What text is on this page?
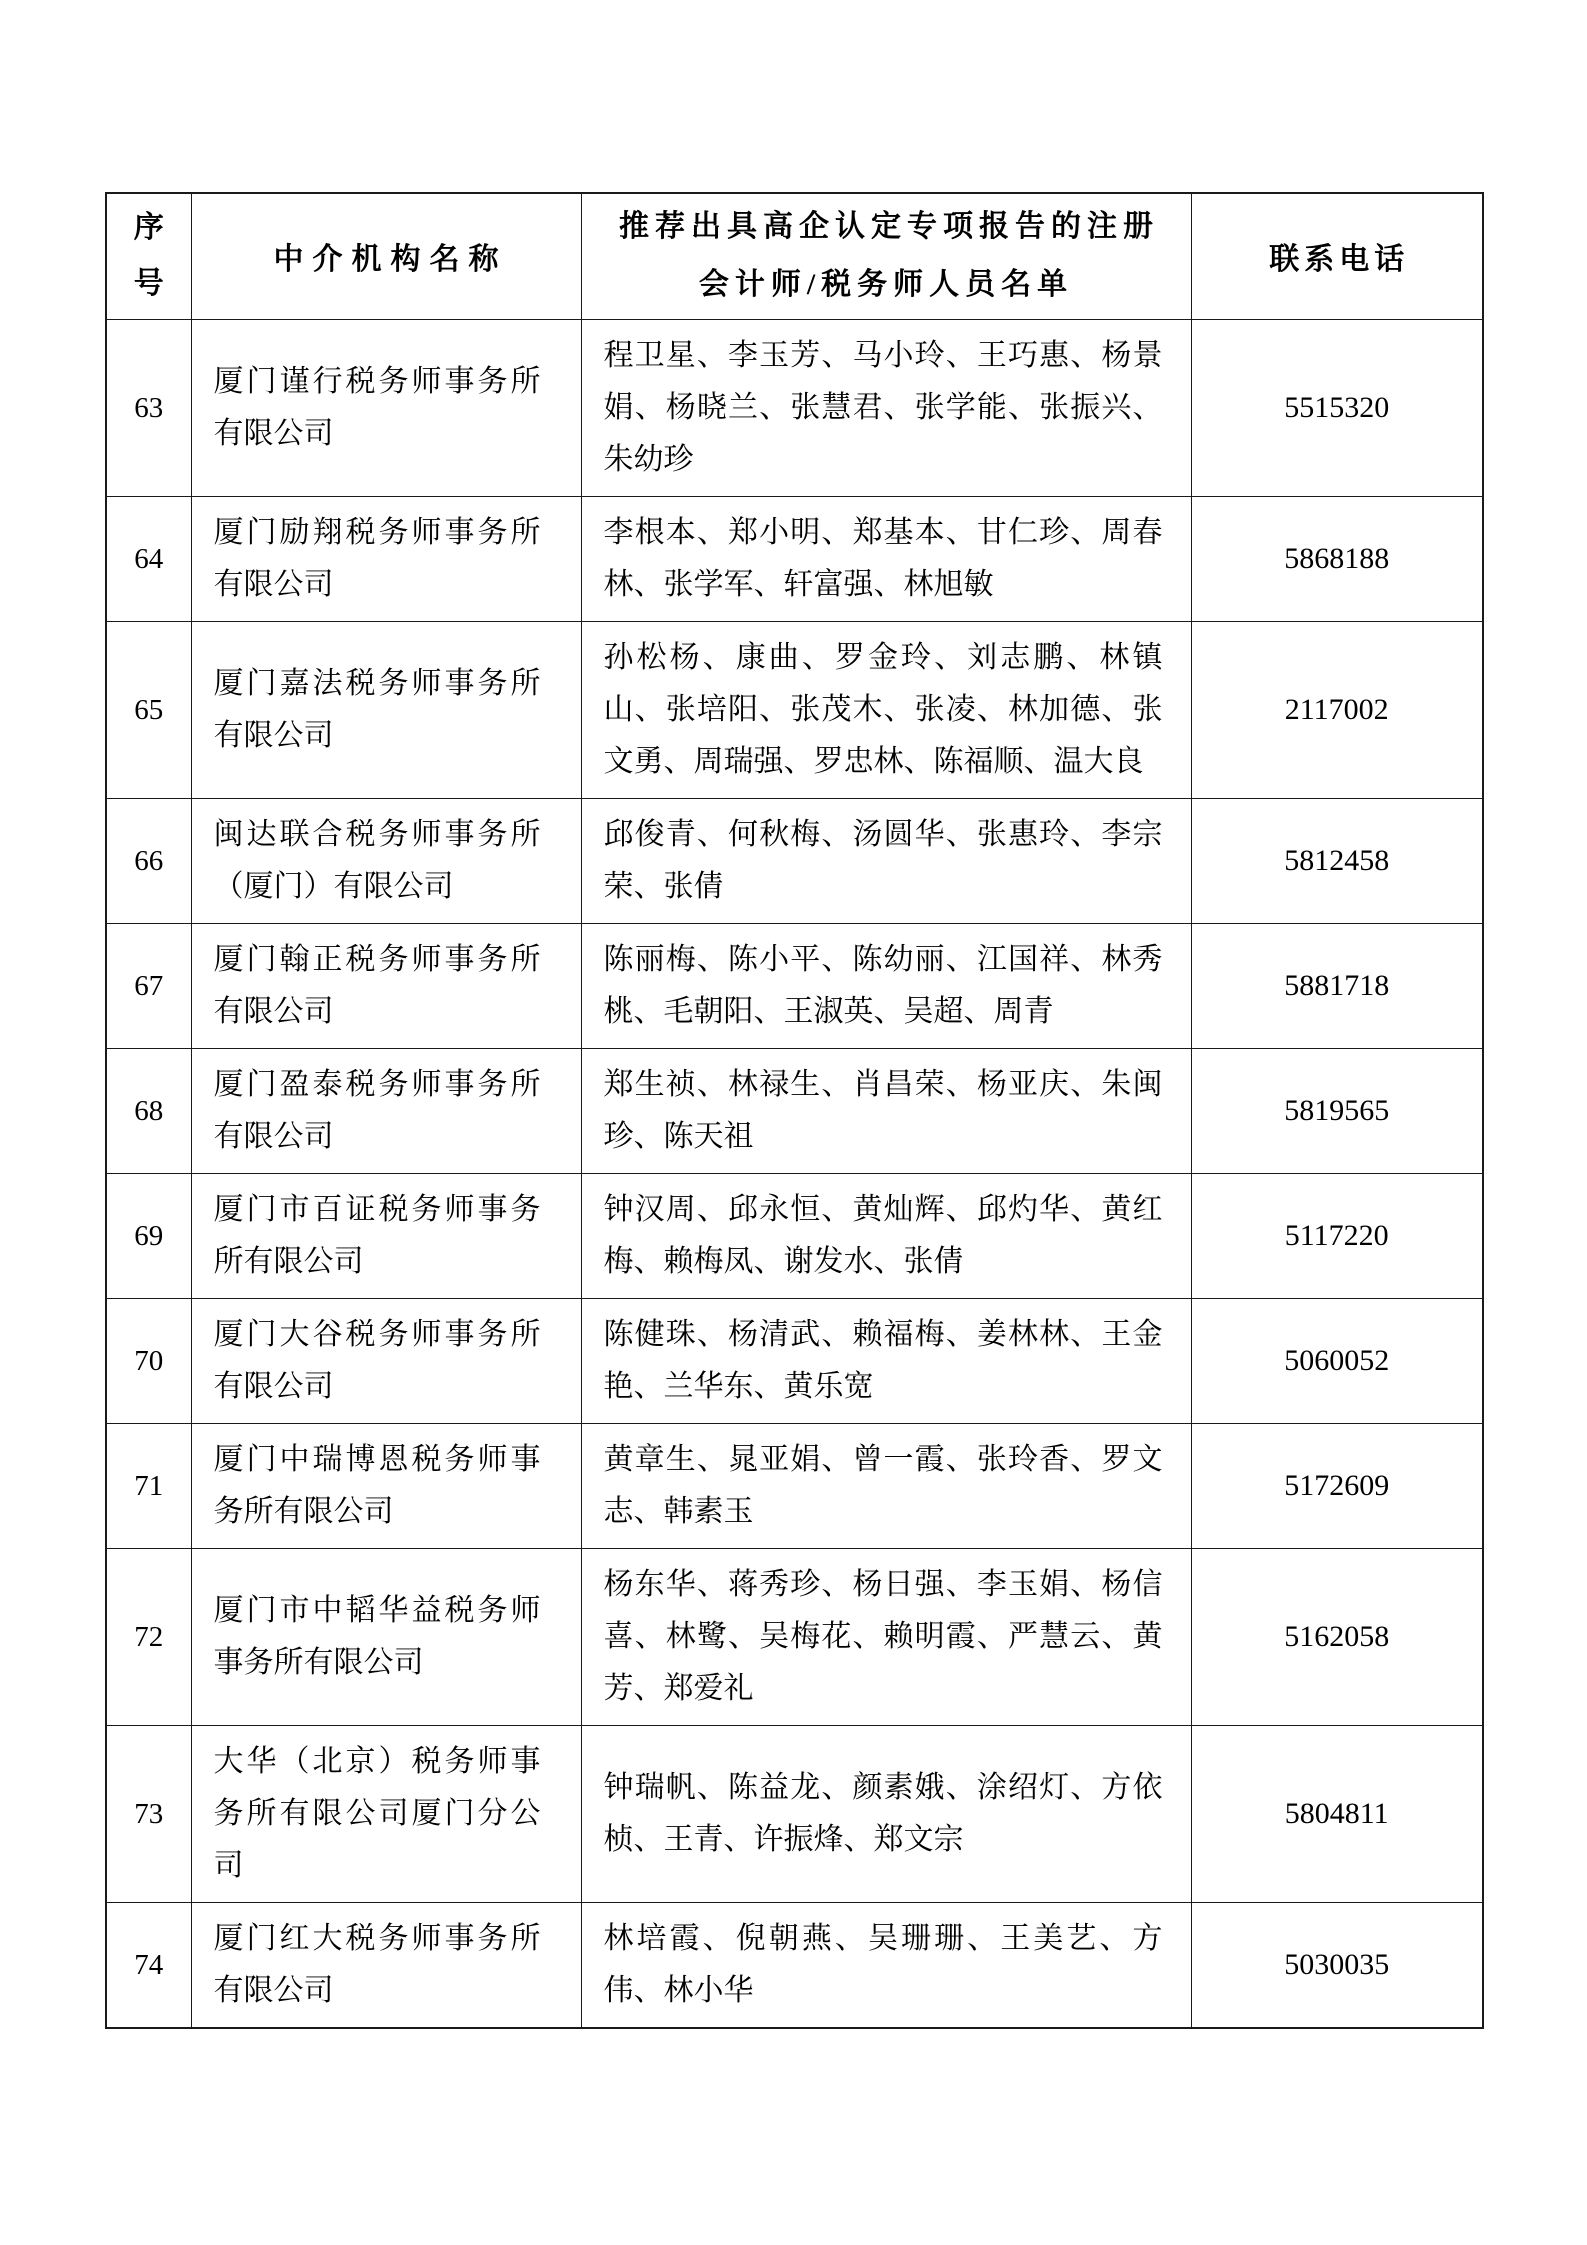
序号	中介机构名称	推荐出具高企认定专项报告的注册会计师/税务师人员名单	联系电话
63	厦门谨行税务师事务所有限公司	程卫星、李玉芳、马小玲、王巧惠、杨景娟、杨晓兰、张慧君、张学能、张振兴、朱幼珍	5515320
64	厦门励翔税务师事务所有限公司	李根本、郑小明、郑基本、甘仁珍、周春林、张学军、轩富强、林旭敏	5868188
65	厦门嘉法税务师事务所有限公司	孙松杨、康曲、罗金玲、刘志鹏、林镇山、张培阳、张茂木、张凌、林加德、张文勇、周瑞强、罗忠林、陈福顺、温大良	2117002
66	闽达联合税务师事务所（厦门）有限公司	邱俊青、何秋梅、汤圆华、张惠玲、李宗荣、张倩	5812458
67	厦门翰正税务师事务所有限公司	陈丽梅、陈小平、陈幼丽、江国祥、林秀桃、毛朝阳、王淑英、吴超、周青	5881718
68	厦门盈泰税务师事务所有限公司	郑生祯、林禄生、肖昌荣、杨亚庆、朱闽珍、陈天祖	5819565
69	厦门市百证税务师事务所有限公司	钟汉周、邱永恒、黄灿辉、邱灼华、黄红梅、赖梅凤、谢发水、张倩	5117220
70	厦门大谷税务师事务所有限公司	陈健珠、杨清武、赖福梅、姜林林、王金艳、兰华东、黄乐宽	5060052
71	厦门中瑞博恩税务师事务所有限公司	黄章生、晁亚娟、曾一霞、张玲香、罗文志、韩素玉	5172609
72	厦门市中韬华益税务师事务所有限公司	杨东华、蒋秀珍、杨日强、李玉娟、杨信喜、林鹭、吴梅花、赖明霞、严慧云、黄芳、郑爱礼	5162058
73	大华（北京）税务师事务所有限公司厦门分公司	钟瑞帆、陈益龙、颜素娥、涂绍灯、方依桢、王青、许振烽、郑文宗	5804811
74	厦门红大税务师事务所有限公司	林培霞、倪朝燕、吴珊珊、王美艺、方伟、林小华	5030035
